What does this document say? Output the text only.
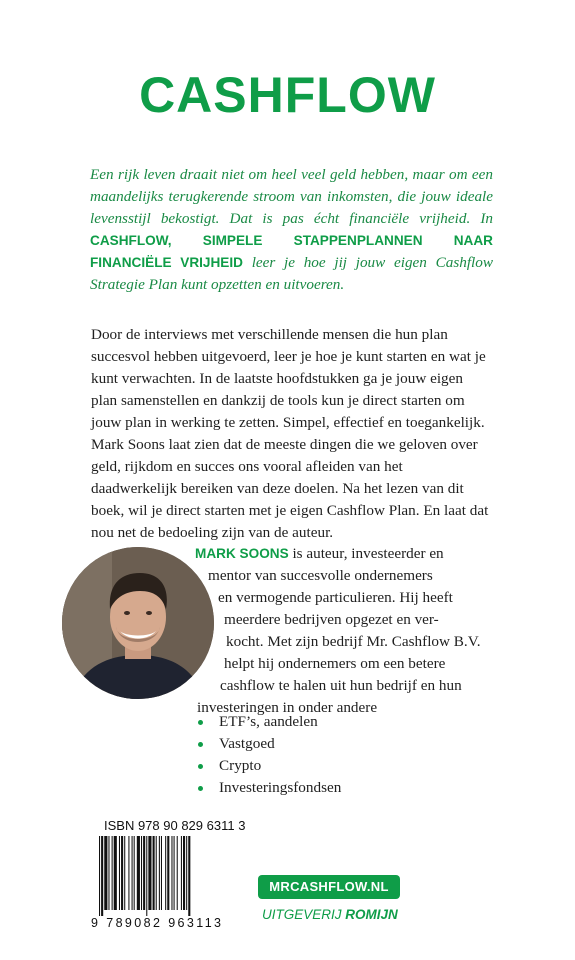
CASHFLOW
Een rijk leven draait niet om heel veel geld hebben, maar om een maandelijks terugkerende stroom van inkomsten, die jouw ideale levensstijl bekostigt. Dat is pas écht financiële vrijheid. In CASHFLOW, SIMPELE STAPPENPLANNEN NAAR FINANCIËLE VRIJHEID leer je hoe jij jouw eigen Cashflow Strategie Plan kunt opzetten en uitvoeren.

Door de interviews met verschillende mensen die hun plan succesvol hebben uitgevoerd, leer je hoe je kunt starten en wat je kunt verwachten. In de laatste hoofdstukken ga je jouw eigen plan samenstellen en dankzij de tools kun je direct starten om jouw plan in werking te zetten. Simpel, effectief en toegankelijk. Mark Soons laat zien dat de meeste dingen die we geloven over geld, rijkdom en succes ons vooral afleiden van het daadwerkelijk bereiken van deze doelen. Na het lezen van dit boek, wil je direct starten met je eigen Cashflow Plan. En laat dat nou net de bedoeling zijn van de auteur.

MARK SOONS is auteur, investeerder en
mentor van succesvolle ondernemers
en vermogende particulieren. Hij heeft
meerdere bedrijven opgezet en ver-
kocht. Met zijn bedrijf Mr. Cashflow B.V.
helpt hij ondernemers om een betere
cashflow te halen uit hun bedrijf en hun
investeringen in onder andere
ETF’s, aandelen
Vastgoed
Crypto
Investeringsfondsen
ISBN 978 90 829 6311 3
9 789082 963113
MRCASHFLOW.NL
UITGEVERIJ ROMIJN
